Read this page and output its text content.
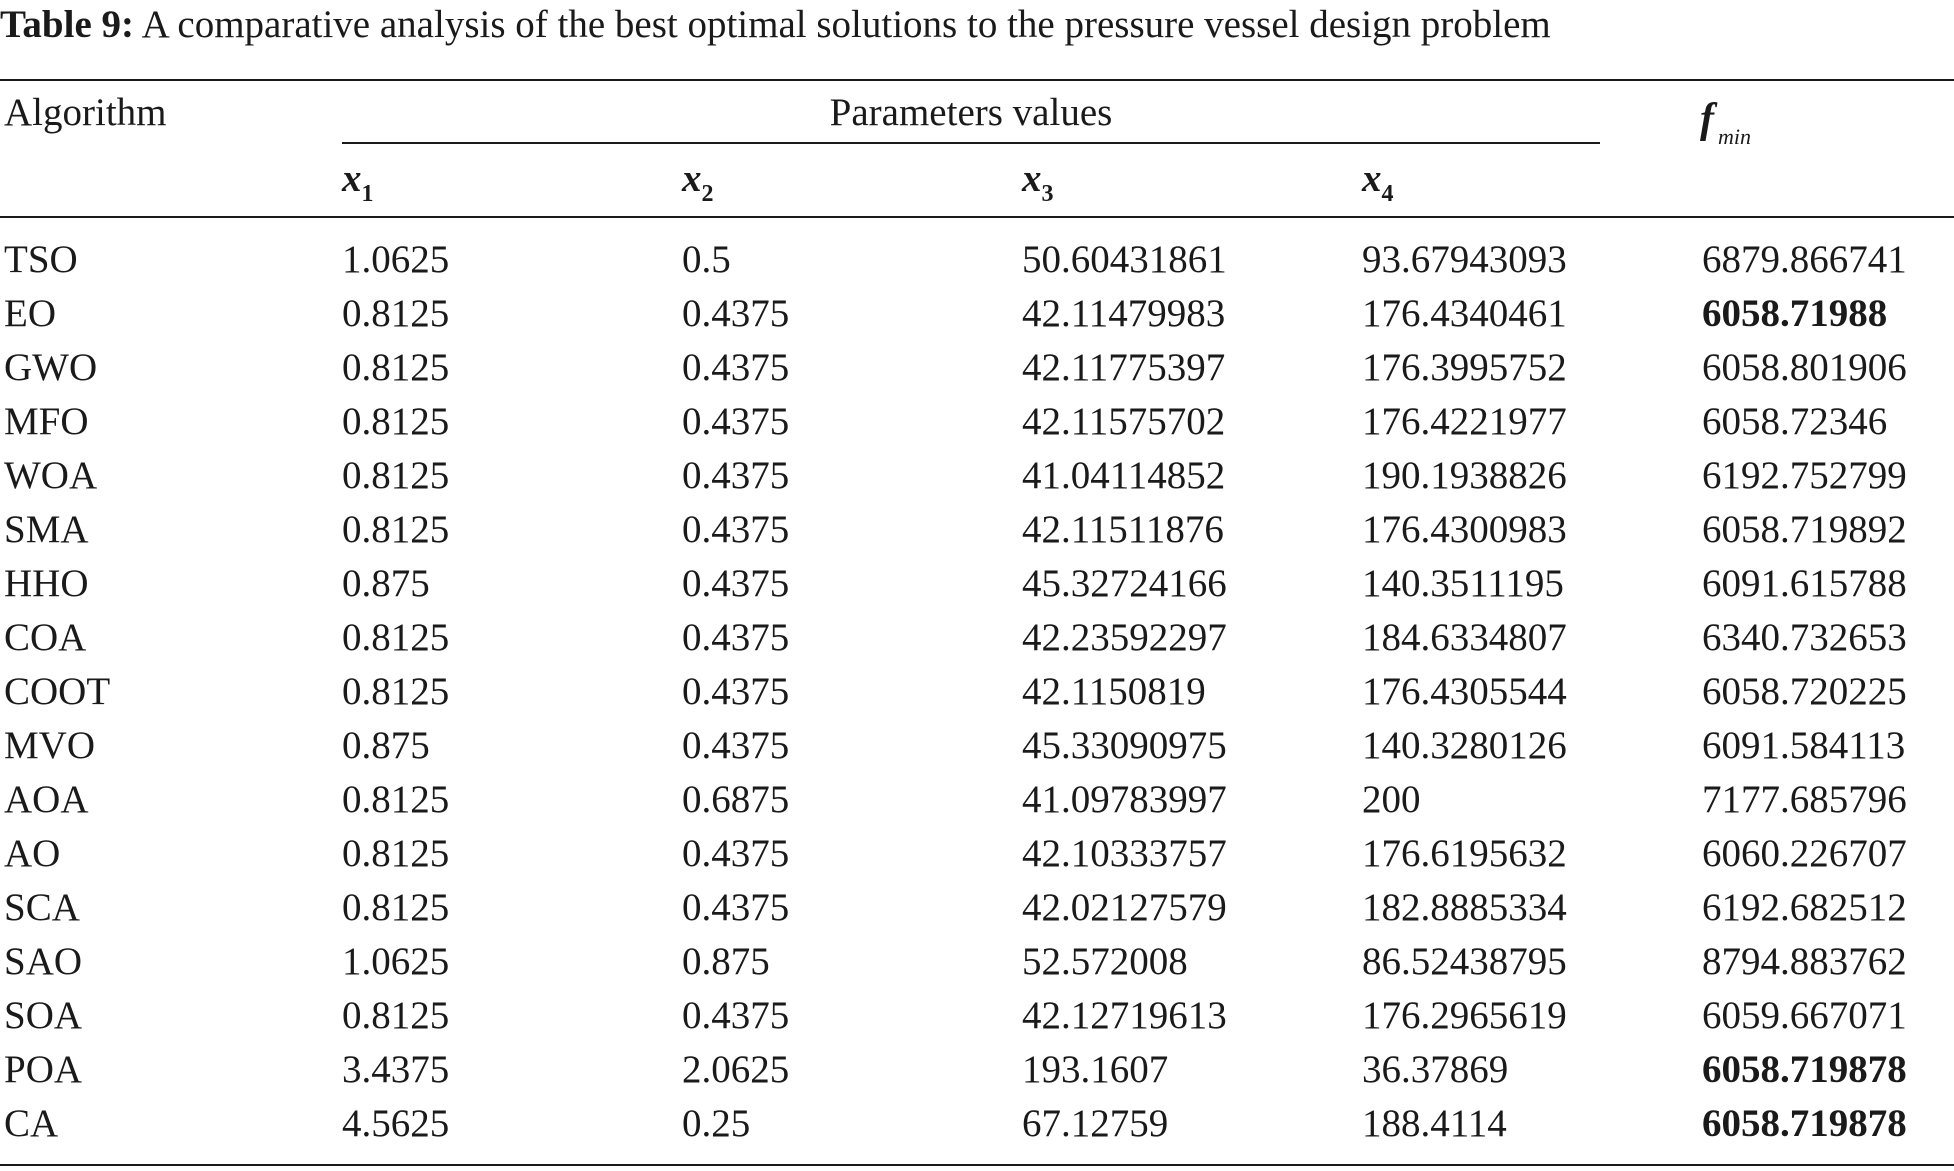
Table 9: A comparative analysis of the best optimal solutions to the pressure vessel design problem
Algorithm	Parameters values	f $_{min}$
$x_1$	$x_2$	$x_3$	$x_4$
TSO	1.0625	0.5	50.60431861	93.67943093	6879.866741
EO	0.8125	0.4375	42.11479983	176.4340461	6058.71988
GWO	0.8125	0.4375	42.11775397	176.3995752	6058.801906
MFO	0.8125	0.4375	42.11575702	176.4221977	6058.72346
WOA	0.8125	0.4375	41.04114852	190.1938826	6192.752799
SMA	0.8125	0.4375	42.11511876	176.4300983	6058.719892
HHO	0.875	0.4375	45.32724166	140.3511195	6091.615788
COA	0.8125	0.4375	42.23592297	184.6334807	6340.732653
COOT	0.8125	0.4375	42.1150819	176.4305544	6058.720225
MVO	0.875	0.4375	45.33090975	140.3280126	6091.584113
AOA	0.8125	0.6875	41.09783997	200	7177.685796
AO	0.8125	0.4375	42.10333757	176.6195632	6060.226707
SCA	0.8125	0.4375	42.02127579	182.8885334	6192.682512
SAO	1.0625	0.875	52.572008	86.52438795	8794.883762
SOA	0.8125	0.4375	42.12719613	176.2965619	6059.667071
POA	3.4375	2.0625	193.1607	36.37869	6058.719878
CA	4.5625	0.25	67.12759	188.4114	6058.719878
